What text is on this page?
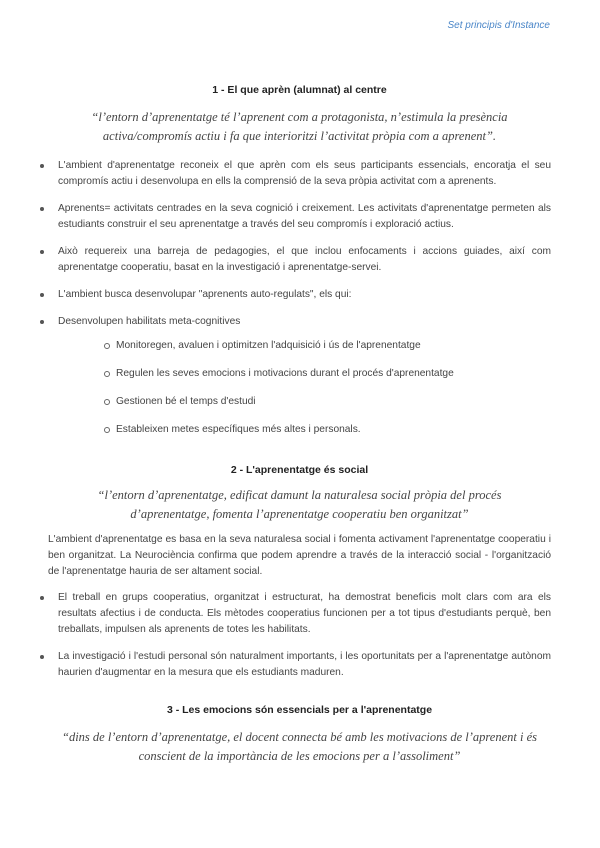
Set principis d'Instance
1 - El que aprèn (alumnat) al centre
“l’entorn d’aprenentatge té l’aprenent com a protagonista, n’estimula la presència
activa/compromís actiu i fa que interioritzi l’activitat pròpia com a aprenent”.
L'ambient d'aprenentatge reconeix el que aprèn com els seus participants essencials, encoratja el seu compromís actiu i desenvolupa en ells la comprensió de la seva pròpia activitat com a aprenents.
Aprenents= activitats centrades en la seva cognició i creixement. Les activitats d'aprenentatge permeten als estudiants construir el seu aprenentatge a través del seu compromís i exploració actius.
Això requereix una barreja de pedagogies, el que inclou enfocaments i accions guiades, així com aprenentatge cooperatiu, basat en la investigació i aprenentatge-servei.
L'ambient busca desenvolupar "aprenents auto-regulats", els qui:
Desenvolupen habilitats meta-cognitives
Monitoregen, avaluen i optimitzen l'adquisició i ús de l'aprenentatge
Regulen les seves emocions i motivacions durant el procés d'aprenentatge
Gestionen bé el temps d'estudi
Estableixen metes específiques més altes i personals.
2 - L'aprenentatge és social
“l’entorn d’aprenentatge, edificat damunt la naturalesa social pròpia del procés
d’aprenentatge, fomenta l’aprenentatge cooperatiu ben organitzat”

L'ambient d'aprenentatge es basa en la seva naturalesa social i fomenta activament l'aprenentatge cooperatiu i ben organitzat. La Neurociència confirma que podem aprendre a través de la interacció social - l'organització de l'aprenentatge hauria de ser altament social.

El treball en grups cooperatius, organitzat i estructurat, ha demostrat beneficis molt clars com ara els resultats afectius i de conducta. Els mètodes cooperatius funcionen per a tot tipus d'estudiants perquè, ben treballats, impulsen als aprenents de totes les habilitats.
La investigació i l'estudi personal són naturalment importants, i les oportunitats per a l'aprenentatge autònom haurien d'augmentar en la mesura que els estudiants maduren.
3 - Les emocions són essencials per a l'aprenentatge
“dins de l’entorn d’aprenentatge, el docent connecta bé amb les motivacions de l’aprenent i és
conscient de la importància de les emocions per a l’assoliment”
